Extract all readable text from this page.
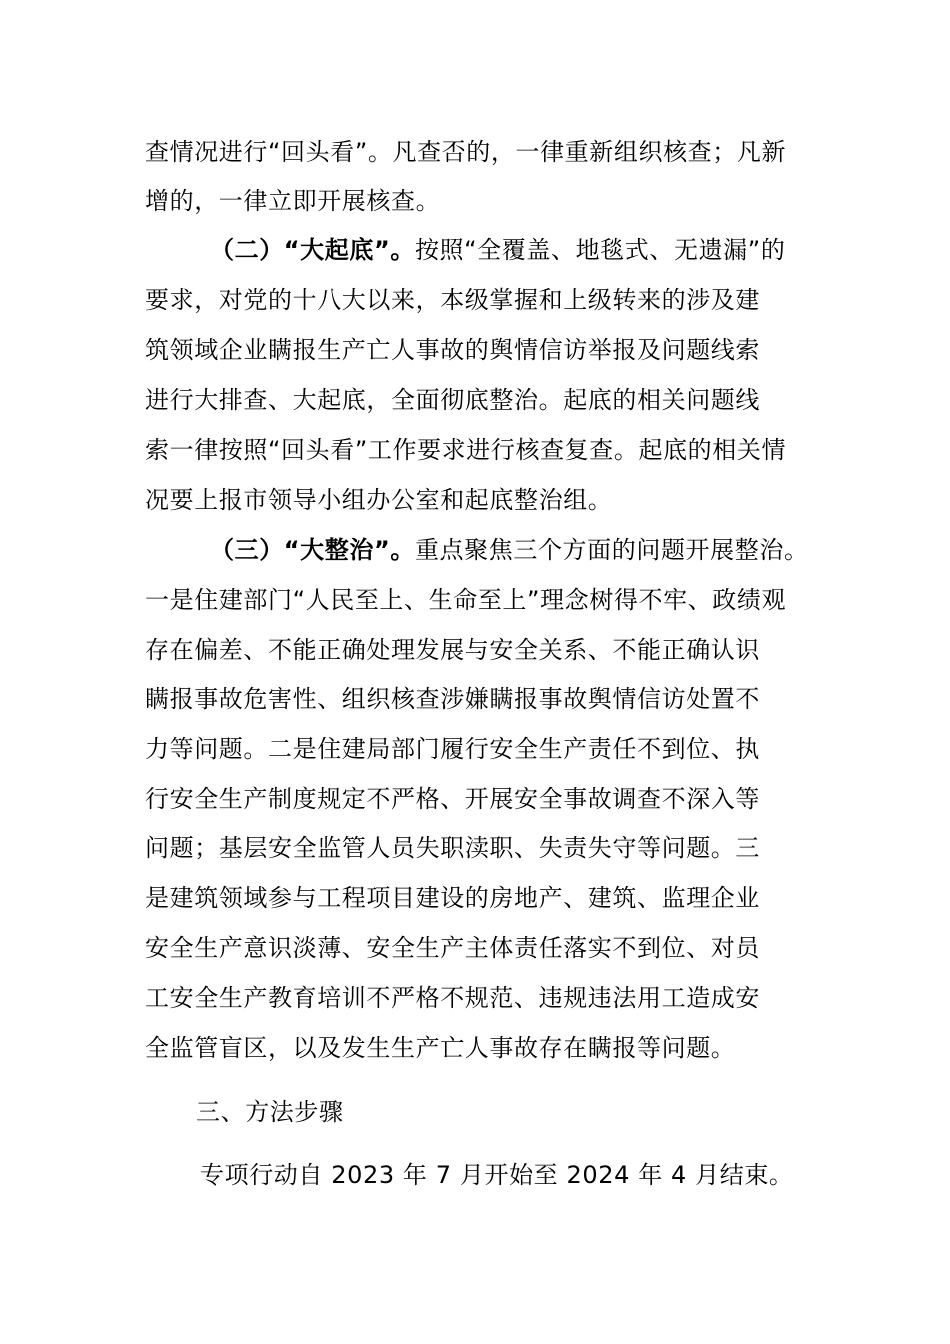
查情况进行“回头看”。凡查否的，一律重新组织核查；凡新
增的，一律立即开展核查。
（二）“大起底”。按照“全覆盖、地毯式、无遗漏”的
要求，对党的十八大以来，本级掌握和上级转来的涉及建
筑领域企业瞒报生产亡人事故的舆情信访举报及问题线索
进行大排查、大起底，全面彻底整治。起底的相关问题线
索一律按照“回头看”工作要求进行核查复查。起底的相关情
况要上报市领导小组办公室和起底整治组。
（三）“大整治”。重点聚焦三个方面的问题开展整治。
一是住建部门“人民至上、生命至上”理念树得不牢、政绩观
存在偏差、不能正确处理发展与安全关系、不能正确认识
瞒报事故危害性、组织核查涉嫌瞒报事故舆情信访处置不
力等问题。二是住建局部门履行安全生产责任不到位、执
行安全生产制度规定不严格、开展安全事故调查不深入等
问题；基层安全监管人员失职渎职、失责失守等问题。三
是建筑领域参与工程项目建设的房地产、建筑、监理企业
安全生产意识淡薄、安全生产主体责任落实不到位、对员
工安全生产教育培训不严格不规范、违规违法用工造成安
全监管盲区，以及发生生产亡人事故存在瞒报等问题。
三、方法步骤
专项行动自 2023 年 7 月开始至 2024 年 4 月结束。
